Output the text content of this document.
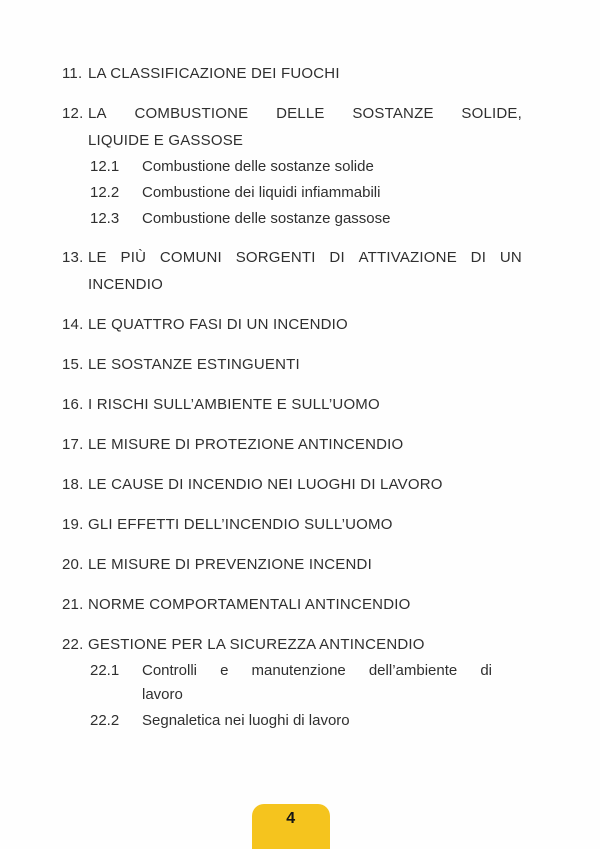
11. LA CLASSIFICAZIONE DEI FUOCHI
12. LA COMBUSTIONE DELLE SOSTANZE SOLIDE,
LIQUIDE E GASSOSE
12.1	Combustione delle sostanze solide
12.2	Combustione dei liquidi infiammabili
12.3	Combustione delle sostanze gassose
13. LE PIÙ COMUNI SORGENTI DI ATTIVAZIONE DI UN
INCENDIO
14. LE QUATTRO FASI DI UN INCENDIO
15. LE SOSTANZE ESTINGUENTI
16. I RISCHI SULL’AMBIENTE E SULL’UOMO
17. LE MISURE DI PROTEZIONE ANTINCENDIO
18. LE CAUSE DI INCENDIO NEI LUOGHI DI LAVORO
19. GLI EFFETTI DELL’INCENDIO SULL’UOMO
20. LE MISURE DI PREVENZIONE INCENDI
21. NORME COMPORTAMENTALI ANTINCENDIO
22. GESTIONE PER LA SICUREZZA ANTINCENDIO
22.1	Controlli e manutenzione dell’ambiente di
lavoro
22.2	Segnaletica nei luoghi di lavoro
4
